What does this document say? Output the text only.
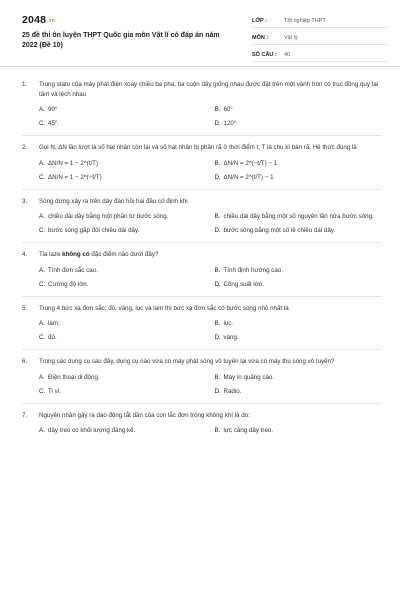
2048.vn
25 đề thi ôn luyện THPT Quốc gia môn Vật lí có đáp án năm 2022 (Đề 10)
LỚP :	Tốt nghiệp THPT
MÔN :	Vật lý
SỐ CÂU :	40
1.	Trong stato của máy phát điện xoay chiều ba pha, ba cuộn dây giống nhau được đặt trên một vành tròn có trục đồng quy tại tâm và lệch nhau
A. 90°	B. 60°
C. 45°.	D. 120°
2.	Gọi N, ΔN lần lượt là số hạt nhân còn lại và số hạt nhân bị phân rã ở thời điểm t; T là chu kì bán rã. Hệ thức đúng là
A. ΔN/N = 1 − 2^(t/T)	B. ΔN/N = 2^(−t/T) − 1
C. ΔN/N = 1 − 2^(−t/T)	D. ΔN/N = 2^(t/T) − 1
3.	Sóng dừng xảy ra trên dây đàn hồi hai đầu cố định khi
A. chiều dài dây bằng một phần tư bước sóng.	B. chiều dài dây bằng một số nguyên lần nửa bước sóng.
C. bước sóng gấp đôi chiều dài dây.	D. bước sóng bằng một số lẻ chiều dài dây.
4.	Tia laze không có đặc điểm nào dưới đây?
A. Tính đơn sắc cao.	B. Tính định hướng cao.
C. Cường độ lớn.	D. Công suất lớn.
5.	Trong 4 bức xạ đơn sắc: đỏ, vàng, lục và lam thì bức xạ đơn sắc có bước sóng nhỏ nhất là
A. lam.	B. lục.
C. đỏ.	D. vàng.
6.	Trong các dụng cụ sau đây, dụng cụ nào vừa có máy phát sóng vô tuyến lại vừa có máy thu sóng vô tuyến?
A. Điện thoại di động.	B. Máy in quảng cáo.
C. Ti vi.	D. Radio.
7.	Nguyên nhân gây ra dao động tắt dần của con lắc đơn trong không khí là do:
A. dây treo có khối lượng đáng kể.	B. lực căng dây treo.
